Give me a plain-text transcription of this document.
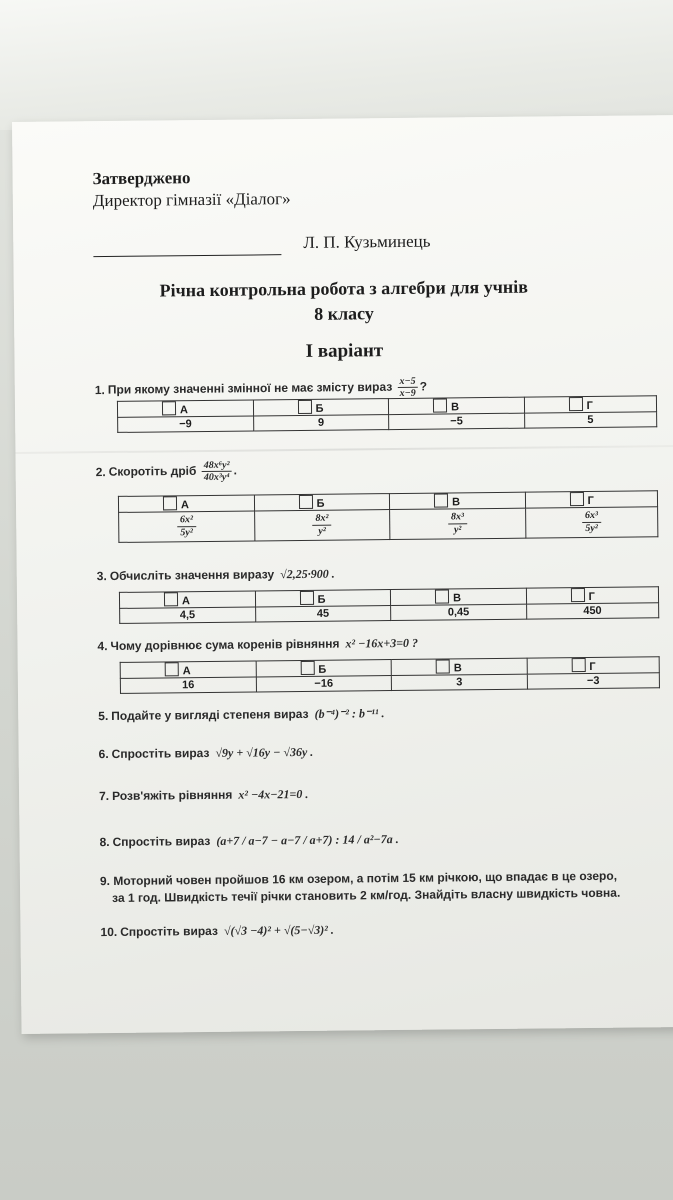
Затверджено
Директор гімназії «Діалог»
Л. П. Кузьминець
Річна контрольна робота з алгебри для учнів
8 класу
І варіант
1. При якому значенні змінної не має змісту вираз $\frac{x-5}{x-9}$ ?
А	Б	В	Г
−9	9	−5	5
2. Скоротіть дріб $\frac{\text{48x⁶y²}}{\text{40x³y⁴}}$ .
А	Б	В	Г

$\frac{\text{6x²}}{\text{5y²}}$	$\frac{\text{8x²}}{\text{y²}}$	$\frac{\text{8x³}}{\text{y²}}$	$\frac{\text{6x³}}{\text{5y²}}$
3. Обчисліть значення виразу √2,25·900 .
А	Б	В	Г
4,5	45	0,45	450
4. Чому дорівнює сума коренів рівняння x² −16x+3=0 ?
А	Б	В	Г
16	−16	3	−3
5. Подайте у вигляді степеня вираз (b⁻⁴)⁻² : b⁻¹¹ .
6. Спростіть вираз √9y + √16y − √36y .
7. Розв'яжіть рівняння x² −4x−21=0 .
8. Спростіть вираз (a+7 / a−7 − a−7 / a+7) : 14 / a²−7a .
9. Моторний човен пройшов 16 км озером, а потім 15 км річкою, що впадає в це озеро,
за 1 год. Швидкість течії річки становить 2 км/год. Знайдіть власну швидкість човна.
10. Спростіть вираз √(√3 −4)² + √(5−√3)² .
